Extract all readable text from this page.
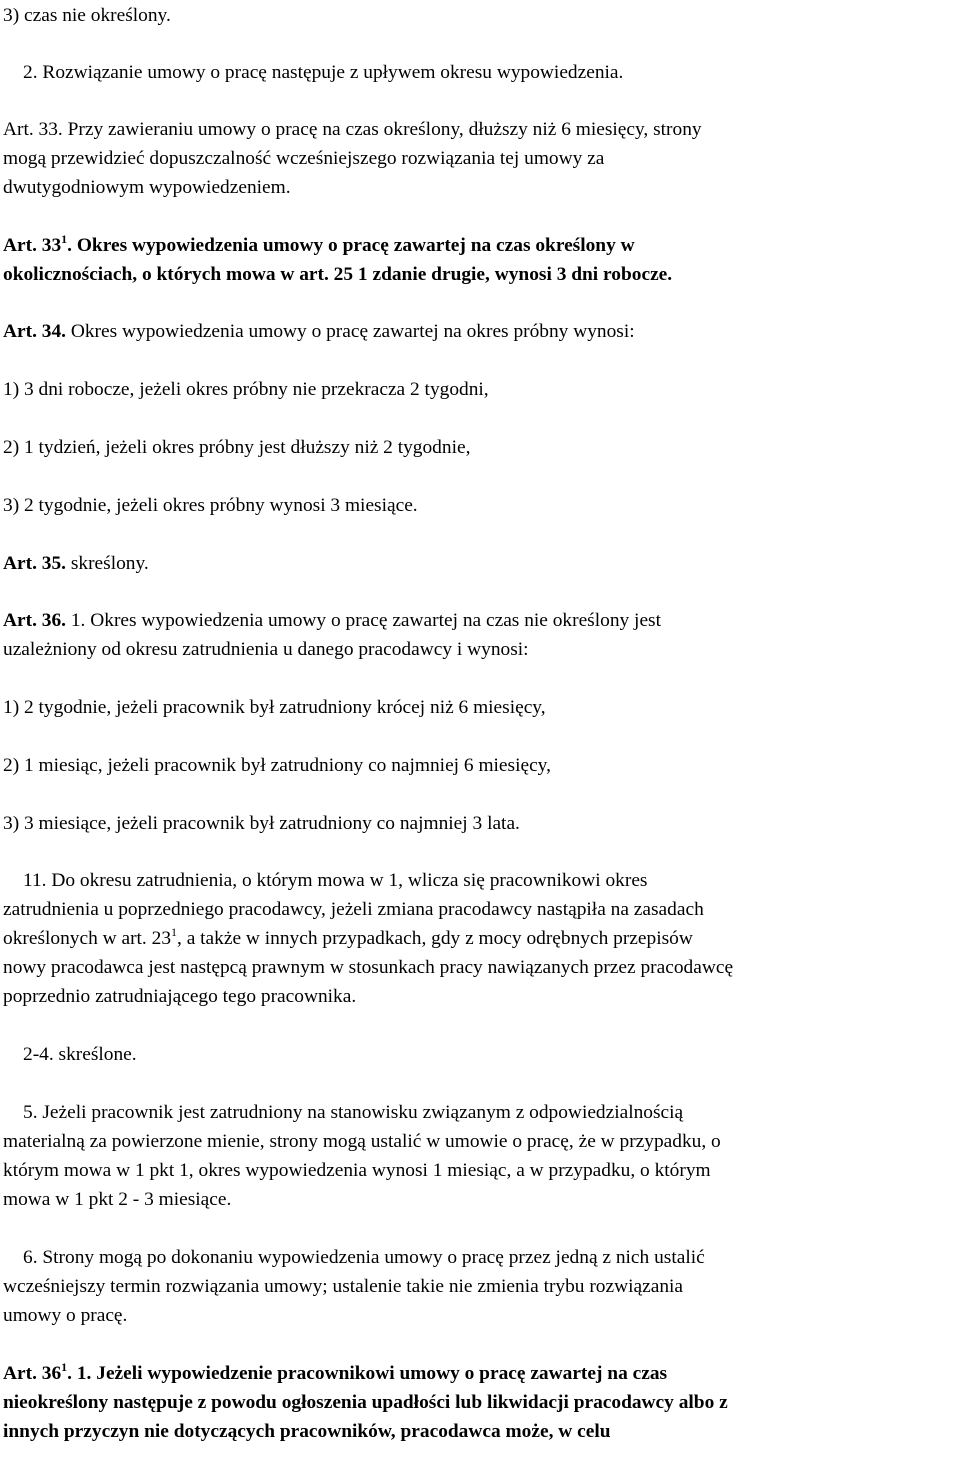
3) czas nie określony.
2. Rozwiązanie umowy o pracę następuje z upływem okresu wypowiedzenia.
Art. 33. Przy zawieraniu umowy o pracę na czas określony, dłuższy niż 6 miesięcy, strony
mogą przewidzieć dopuszczalność wcześniejszego rozwiązania tej umowy za
dwutygodniowym wypowiedzeniem.
Art. $33^1$. Okres wypowiedzenia umowy o pracę zawartej na czas określony w
okolicznościach, o których mowa w art. 25 1 zdanie drugie, wynosi 3 dni robocze.
Art. 34. Okres wypowiedzenia umowy o pracę zawartej na okres próbny wynosi:
1) 3 dni robocze, jeżeli okres próbny nie przekracza 2 tygodni,
2) 1 tydzień, jeżeli okres próbny jest dłuższy niż 2 tygodnie,
3) 2 tygodnie, jeżeli okres próbny wynosi 3 miesiące.
Art. 35. skreślony.
Art. 36. 1. Okres wypowiedzenia umowy o pracę zawartej na czas nie określony jest
uzależniony od okresu zatrudnienia u danego pracodawcy i wynosi:
1) 2 tygodnie, jeżeli pracownik był zatrudniony krócej niż 6 miesięcy,
2) 1 miesiąc, jeżeli pracownik był zatrudniony co najmniej 6 miesięcy,
3) 3 miesiące, jeżeli pracownik był zatrudniony co najmniej 3 lata.
11. Do okresu zatrudnienia, o którym mowa w 1, wlicza się pracownikowi okres
zatrudnienia u poprzedniego pracodawcy, jeżeli zmiana pracodawcy nastąpiła na zasadach
określonych w art. $23^1$, a także w innych przypadkach, gdy z mocy odrębnych przepisów
nowy pracodawca jest następcą prawnym w stosunkach pracy nawiązanych przez pracodawcę
poprzednio zatrudniającego tego pracownika.
2-4. skreślone.
5. Jeżeli pracownik jest zatrudniony na stanowisku związanym z odpowiedzialnością
materialną za powierzone mienie, strony mogą ustalić w umowie o pracę, że w przypadku, o
którym mowa w 1 pkt 1, okres wypowiedzenia wynosi 1 miesiąc, a w przypadku, o którym
mowa w 1 pkt 2 - 3 miesiące.
6. Strony mogą po dokonaniu wypowiedzenia umowy o pracę przez jedną z nich ustalić
wcześniejszy termin rozwiązania umowy; ustalenie takie nie zmienia trybu rozwiązania
umowy o pracę.
Art. $36^1$. 1. Jeżeli wypowiedzenie pracownikowi umowy o pracę zawartej na czas
nieokreślony następuje z powodu ogłoszenia upadłości lub likwidacji pracodawcy albo z
innych przyczyn nie dotyczących pracowników, pracodawca może, w celu
